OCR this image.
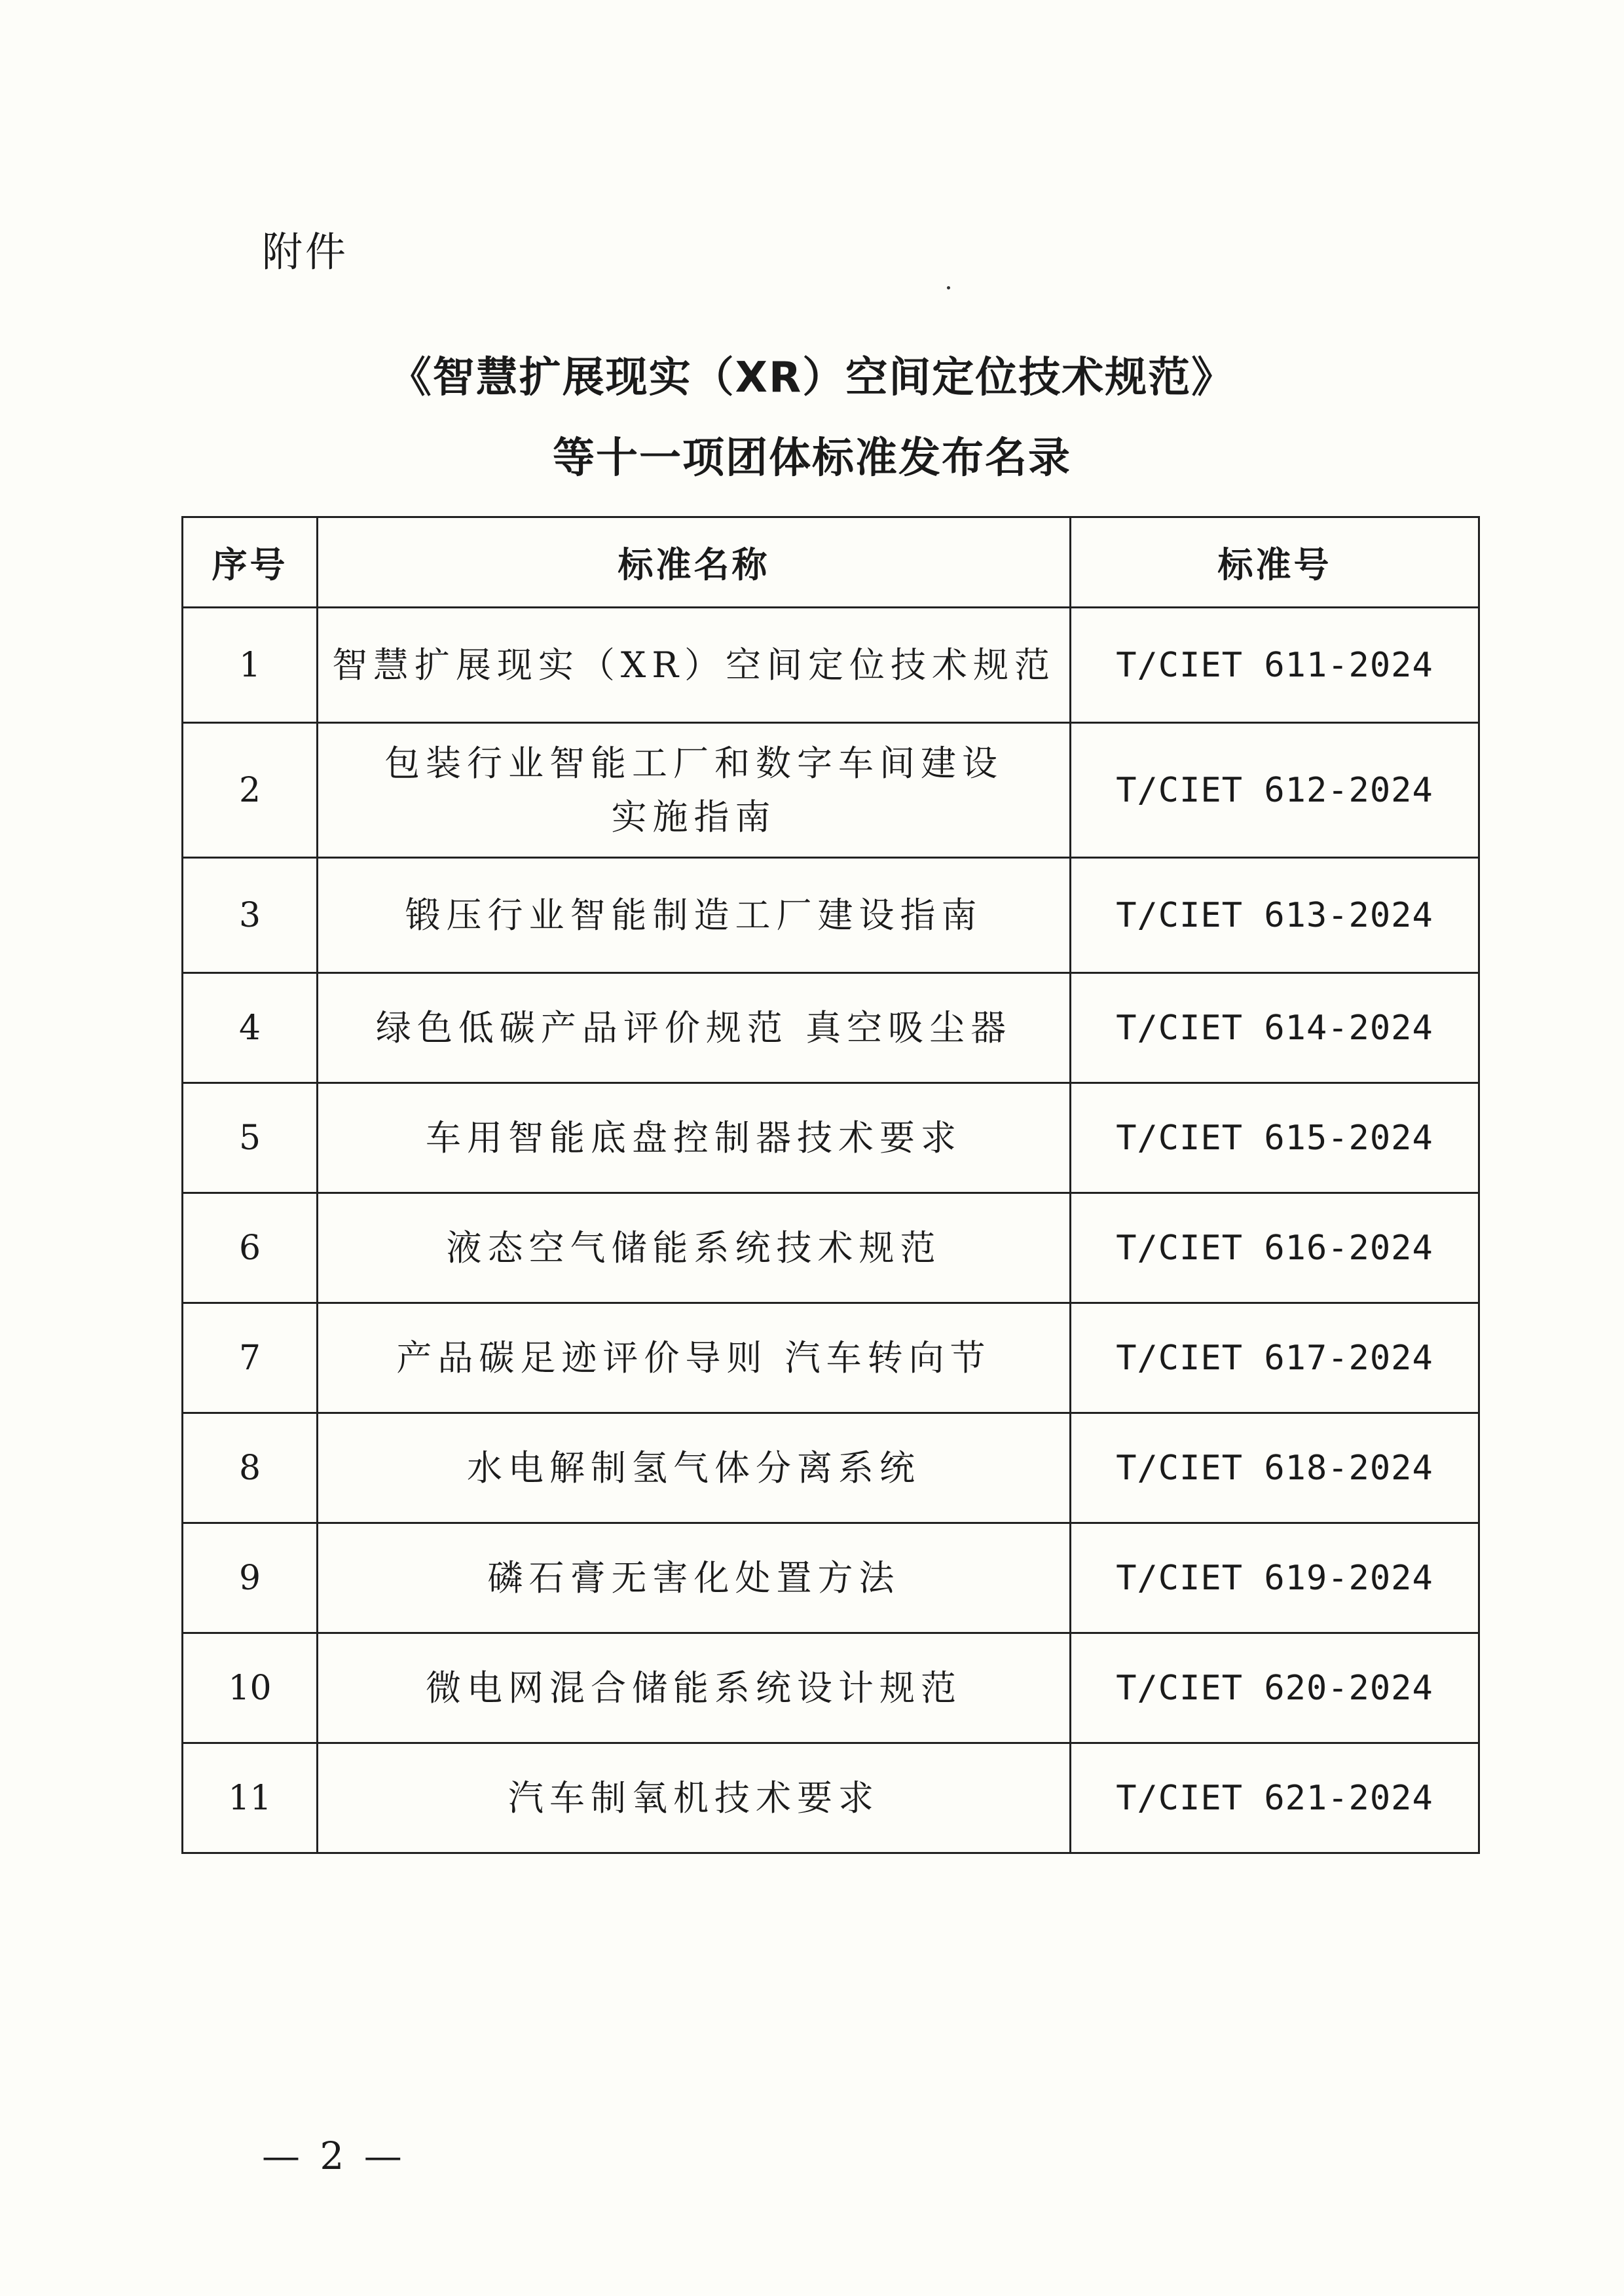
附件
《智慧扩展现实（XR）空间定位技术规范》
等十一项团体标准发布名录
序号	标准名称	标准号
1	智慧扩展现实（XR）空间定位技术规范	T/CIET 611-2024
2	包装行业智能工厂和数字车间建设
实施指南	T/CIET 612-2024
3	锻压行业智能制造工厂建设指南	T/CIET 613-2024
4	绿色低碳产品评价规范 真空吸尘器	T/CIET 614-2024
5	车用智能底盘控制器技术要求	T/CIET 615-2024
6	液态空气储能系统技术规范	T/CIET 616-2024
7	产品碳足迹评价导则 汽车转向节	T/CIET 617-2024
8	水电解制氢气体分离系统	T/CIET 618-2024
9	磷石膏无害化处置方法	T/CIET 619-2024
10	微电网混合储能系统设计规范	T/CIET 620-2024
11	汽车制氧机技术要求	T/CIET 621-2024
— 2 —
